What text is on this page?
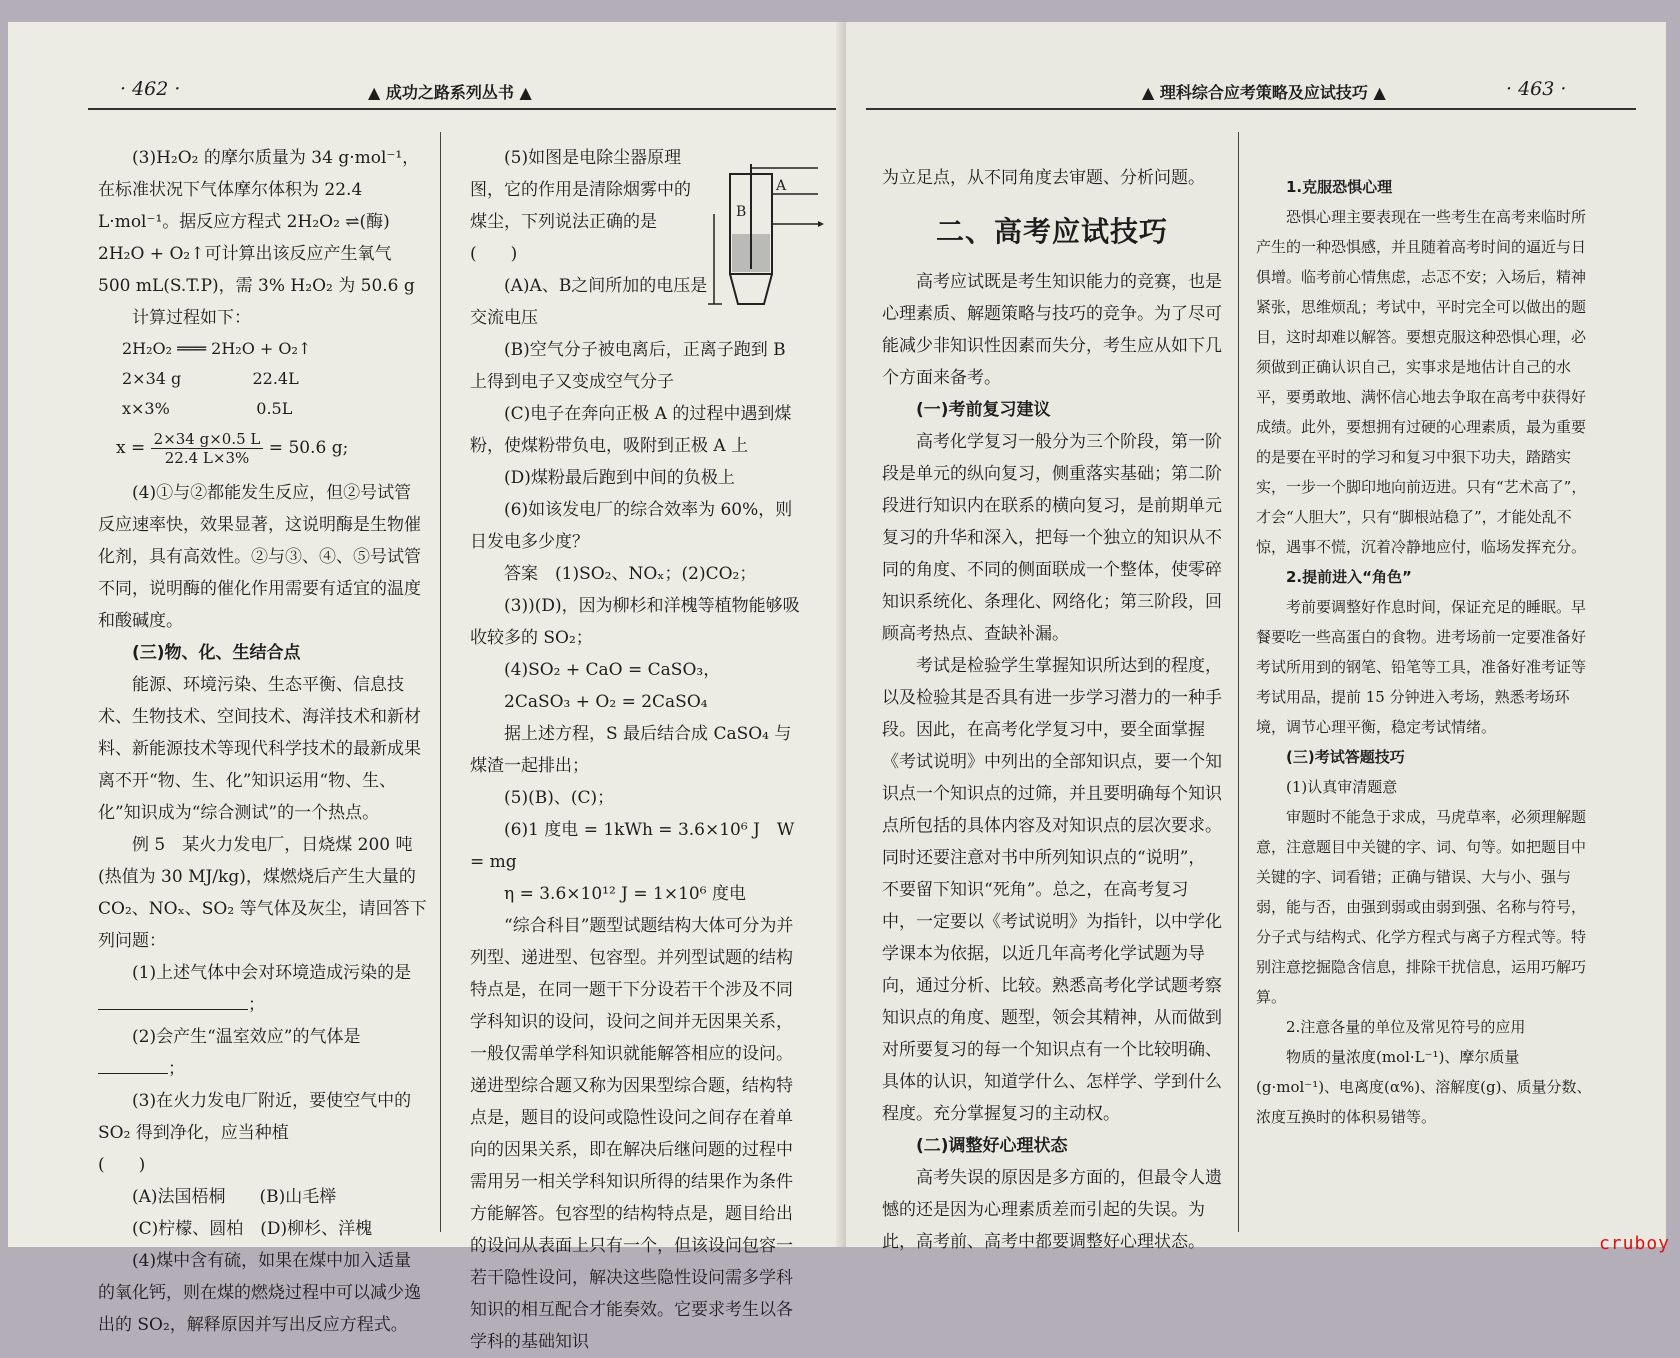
· 462 ·	▲ 成功之路系列丛书 ▲

(3)H₂O₂ 的摩尔质量为 34 g·mol⁻¹，在标准状况下气体摩尔体积为 22.4 L·mol⁻¹。据反应方程式 2H₂O₂ ⇌(酶) 2H₂O + O₂↑可计算出该反应产生氧气 500 mL(S.T.P)，需 3% H₂O₂ 为 50.6 g

计算过程如下：

2H₂O₂ ═══ 2H₂O + O₂↑
2×34 g              22.4L
x×3%                 0.5L
$x = \frac{2\times 34 g\times 0.5 L}{22.4 L\times 3\%} = 50.6$ g;

(4)①与②都能发生反应，但②号试管反应速率快，效果显著，这说明酶是生物催化剂，具有高效性。②与③、④、⑤号试管不同，说明酶的催化作用需要有适宜的温度和酸碱度。

(三)物、化、生结合点

能源、环境污染、生态平衡、信息技术、生物技术、空间技术、海洋技术和新材料、新能源技术等现代科学技术的最新成果离不开“物、生、化”知识运用“物、生、化”知识成为“综合测试”的一个热点。

例 5　某火力发电厂，日烧煤 200 吨(热值为 30 MJ/kg)，煤燃烧后产生大量的 CO₂、NOₓ、SO₂ 等气体及灰尘，请回答下列问题：

(1)上述气体中会对环境造成污染的是；

(2)会产生“温室效应”的气体是；

(3)在火力发电厂附近，要使空气中的 SO₂ 得到净化，应当种植　　　　　　(　　)

(A)法国梧桐　　 (B)山毛榉

(C)柠檬、圆柏　 (D)柳杉、洋槐

(4)煤中含有硫，如果在煤中加入适量的氧化钙，则在煤的燃烧过程中可以减少逸出的 SO₂，解释原因并写出反应方程式。

A
B

(5)如图是电除尘器原理图，它的作用是清除烟雾中的煤尘，下列说法正确的是　　　　(　　)

(A)A、B之间所加的电压是交流电压

(B)空气分子被电离后，正离子跑到 B 上得到电子又变成空气分子

(C)电子在奔向正极 A 的过程中遇到煤粉，使煤粉带负电，吸附到正极 A 上

(D)煤粉最后跑到中间的负极上

(6)如该发电厂的综合效率为 60%，则日发电多少度？

答案　(1)SO₂、NOₓ；(2)CO₂；

(3))(D)，因为柳杉和洋槐等植物能够吸收较多的 SO₂；

(4)SO₂ + CaO = CaSO₃，

2CaSO₃ + O₂ = 2CaSO₄

据上述方程，S 最后结合成 CaSO₄ 与煤渣一起排出；

(5)(B)、(C)；

(6)1 度电 = 1kWh = 3.6×10⁶ J　W = mg

η = 3.6×10¹² J = 1×10⁶ 度电

“综合科目”题型试题结构大体可分为并列型、递进型、包容型。并列型试题的结构特点是，在同一题干下分设若干个涉及不同学科知识的设问，设问之间并无因果关系，一般仅需单学科知识就能解答相应的设问。递进型综合题又称为因果型综合题，结构特点是，题目的设问或隐性设问之间存在着单向的因果关系，即在解决后继问题的过程中需用另一相关学科知识所得的结果作为条件方能解答。包容型的结构特点是，题目给出的设问从表面上只有一个，但该设问包容一若干隐性设问，解决这些隐性设问需多学科知识的相互配合才能奏效。它要求考生以各学科的基础知识

▲ 理科综合应考策略及应试技巧 ▲	· 463 ·

为立足点，从不同角度去审题、分析问题。

二、高考应试技巧

高考应试既是考生知识能力的竞赛，也是心理素质、解题策略与技巧的竞争。为了尽可能减少非知识性因素而失分，考生应从如下几个方面来备考。

(一)考前复习建议

高考化学复习一般分为三个阶段，第一阶段是单元的纵向复习，侧重落实基础；第二阶段进行知识内在联系的横向复习，是前期单元复习的升华和深入，把每一个独立的知识从不同的角度、不同的侧面联成一个整体，使零碎知识系统化、条理化、网络化；第三阶段，回顾高考热点、查缺补漏。

考试是检验学生掌握知识所达到的程度，以及检验其是否具有进一步学习潜力的一种手段。因此，在高考化学复习中，要全面掌握《考试说明》中列出的全部知识点，要一个知识点一个知识点的过筛，并且要明确每个知识点所包括的具体内容及对知识点的层次要求。同时还要注意对书中所列知识点的“说明”，不要留下知识“死角”。总之，在高考复习中，一定要以《考试说明》为指针，以中学化学课本为依据，以近几年高考化学试题为导向，通过分析、比较。熟悉高考化学试题考察知识点的角度、题型，领会其精神，从而做到对所要复习的每一个知识点有一个比较明确、具体的认识，知道学什么、怎样学、学到什么程度。充分掌握复习的主动权。

(二)调整好心理状态

高考失误的原因是多方面的，但最令人遗憾的还是因为心理素质差而引起的失误。为此，高考前、高考中都要调整好心理状态。

1.克服恐惧心理

恐惧心理主要表现在一些考生在高考来临时所产生的一种恐惧感，并且随着高考时间的逼近与日俱增。临考前心情焦虑，忐忑不安；入场后，精神紧张，思维烦乱；考试中，平时完全可以做出的题目，这时却难以解答。要想克服这种恐惧心理，必须做到正确认识自己，实事求是地估计自己的水平，要勇敢地、满怀信心地去争取在高考中获得好成绩。此外，要想拥有过硬的心理素质，最为重要的是要在平时的学习和复习中狠下功夫，踏踏实实，一步一个脚印地向前迈进。只有“艺术高了”，才会“人胆大”，只有“脚根站稳了”，才能处乱不惊，遇事不慌，沉着冷静地应付，临场发挥充分。

2.提前进入“角色”

考前要调整好作息时间，保证充足的睡眠。早餐要吃一些高蛋白的食物。进考场前一定要准备好考试所用到的钢笔、铅笔等工具，准备好准考证等考试用品，提前 15 分钟进入考场，熟悉考场环境，调节心理平衡，稳定考试情绪。

(三)考试答题技巧

(1)认真审清题意

审题时不能急于求成，马虎草率，必须理解题意，注意题目中关键的字、词、句等。如把题目中关键的字、词看错；正确与错误、大与小、强与弱，能与否，由强到弱或由弱到强、名称与符号，分子式与结构式、化学方程式与离子方程式等。特别注意挖掘隐含信息，排除干扰信息，运用巧解巧算。

2.注意各量的单位及常见符号的应用

物质的量浓度(mol·L⁻¹)、摩尔质量(g·mol⁻¹)、电离度(α%)、溶解度(g)、质量分数、浓度互换时的体积易错等。

cruboy
